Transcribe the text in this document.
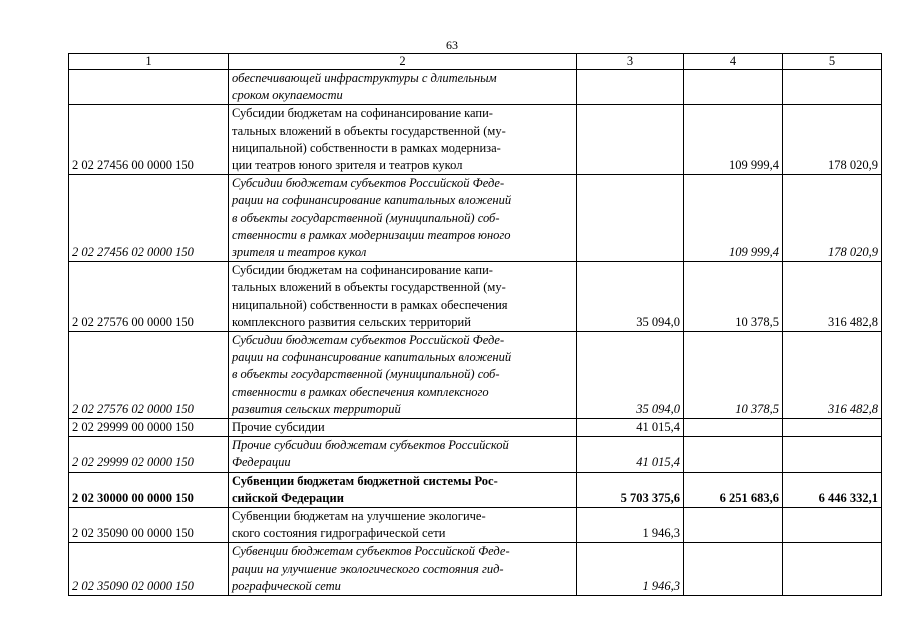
63
1	2	3	4	5

	обеспечивающей инфраструктуры с длительным
сроком окупаемости			

2 02 27456 00 0000 150	Субсидии бюджетам на софинансирование капи-
тальных вложений в объекты государственной (му-
ниципальной) собственности в рамках модерниза-
ции театров юного зрителя и театров кукол		109 999,4	178 020,9
2 02 27456 02 0000 150	Субсидии бюджетам субъектов Российской Феде-
рации на софинансирование капитальных вложений
в объекты государственной (муниципальной) соб-
ственности в рамках модернизации театров юного
зрителя и театров кукол		109 999,4	178 020,9
2 02 27576 00 0000 150	Субсидии бюджетам на софинансирование капи-
тальных вложений в объекты государственной (му-
ниципальной) собственности в рамках обеспечения
комплексного развития сельских территорий	35 094,0	10 378,5	316 482,8
2 02 27576 02 0000 150	Субсидии бюджетам субъектов Российской Феде-
рации на софинансирование капитальных вложений
в объекты государственной (муниципальной) соб-
ственности в рамках обеспечения комплексного
развития сельских территорий	35 094,0	10 378,5	316 482,8
2 02 29999 00 0000 150	Прочие субсидии	41 015,4		
2 02 29999 02 0000 150	Прочие субсидии бюджетам субъектов Российской
Федерации	41 015,4		
2 02 30000 00 0000 150	Субвенции бюджетам бюджетной системы Рос-
сийской Федерации	5 703 375,6	6 251 683,6	6 446 332,1
2 02 35090 00 0000 150	Субвенции бюджетам на улучшение экологиче-
ского состояния гидрографической сети	1 946,3		
2 02 35090 02 0000 150	Субвенции бюджетам субъектов Российской Феде-
рации на улучшение экологического состояния гид-
рографической сети	1 946,3		
